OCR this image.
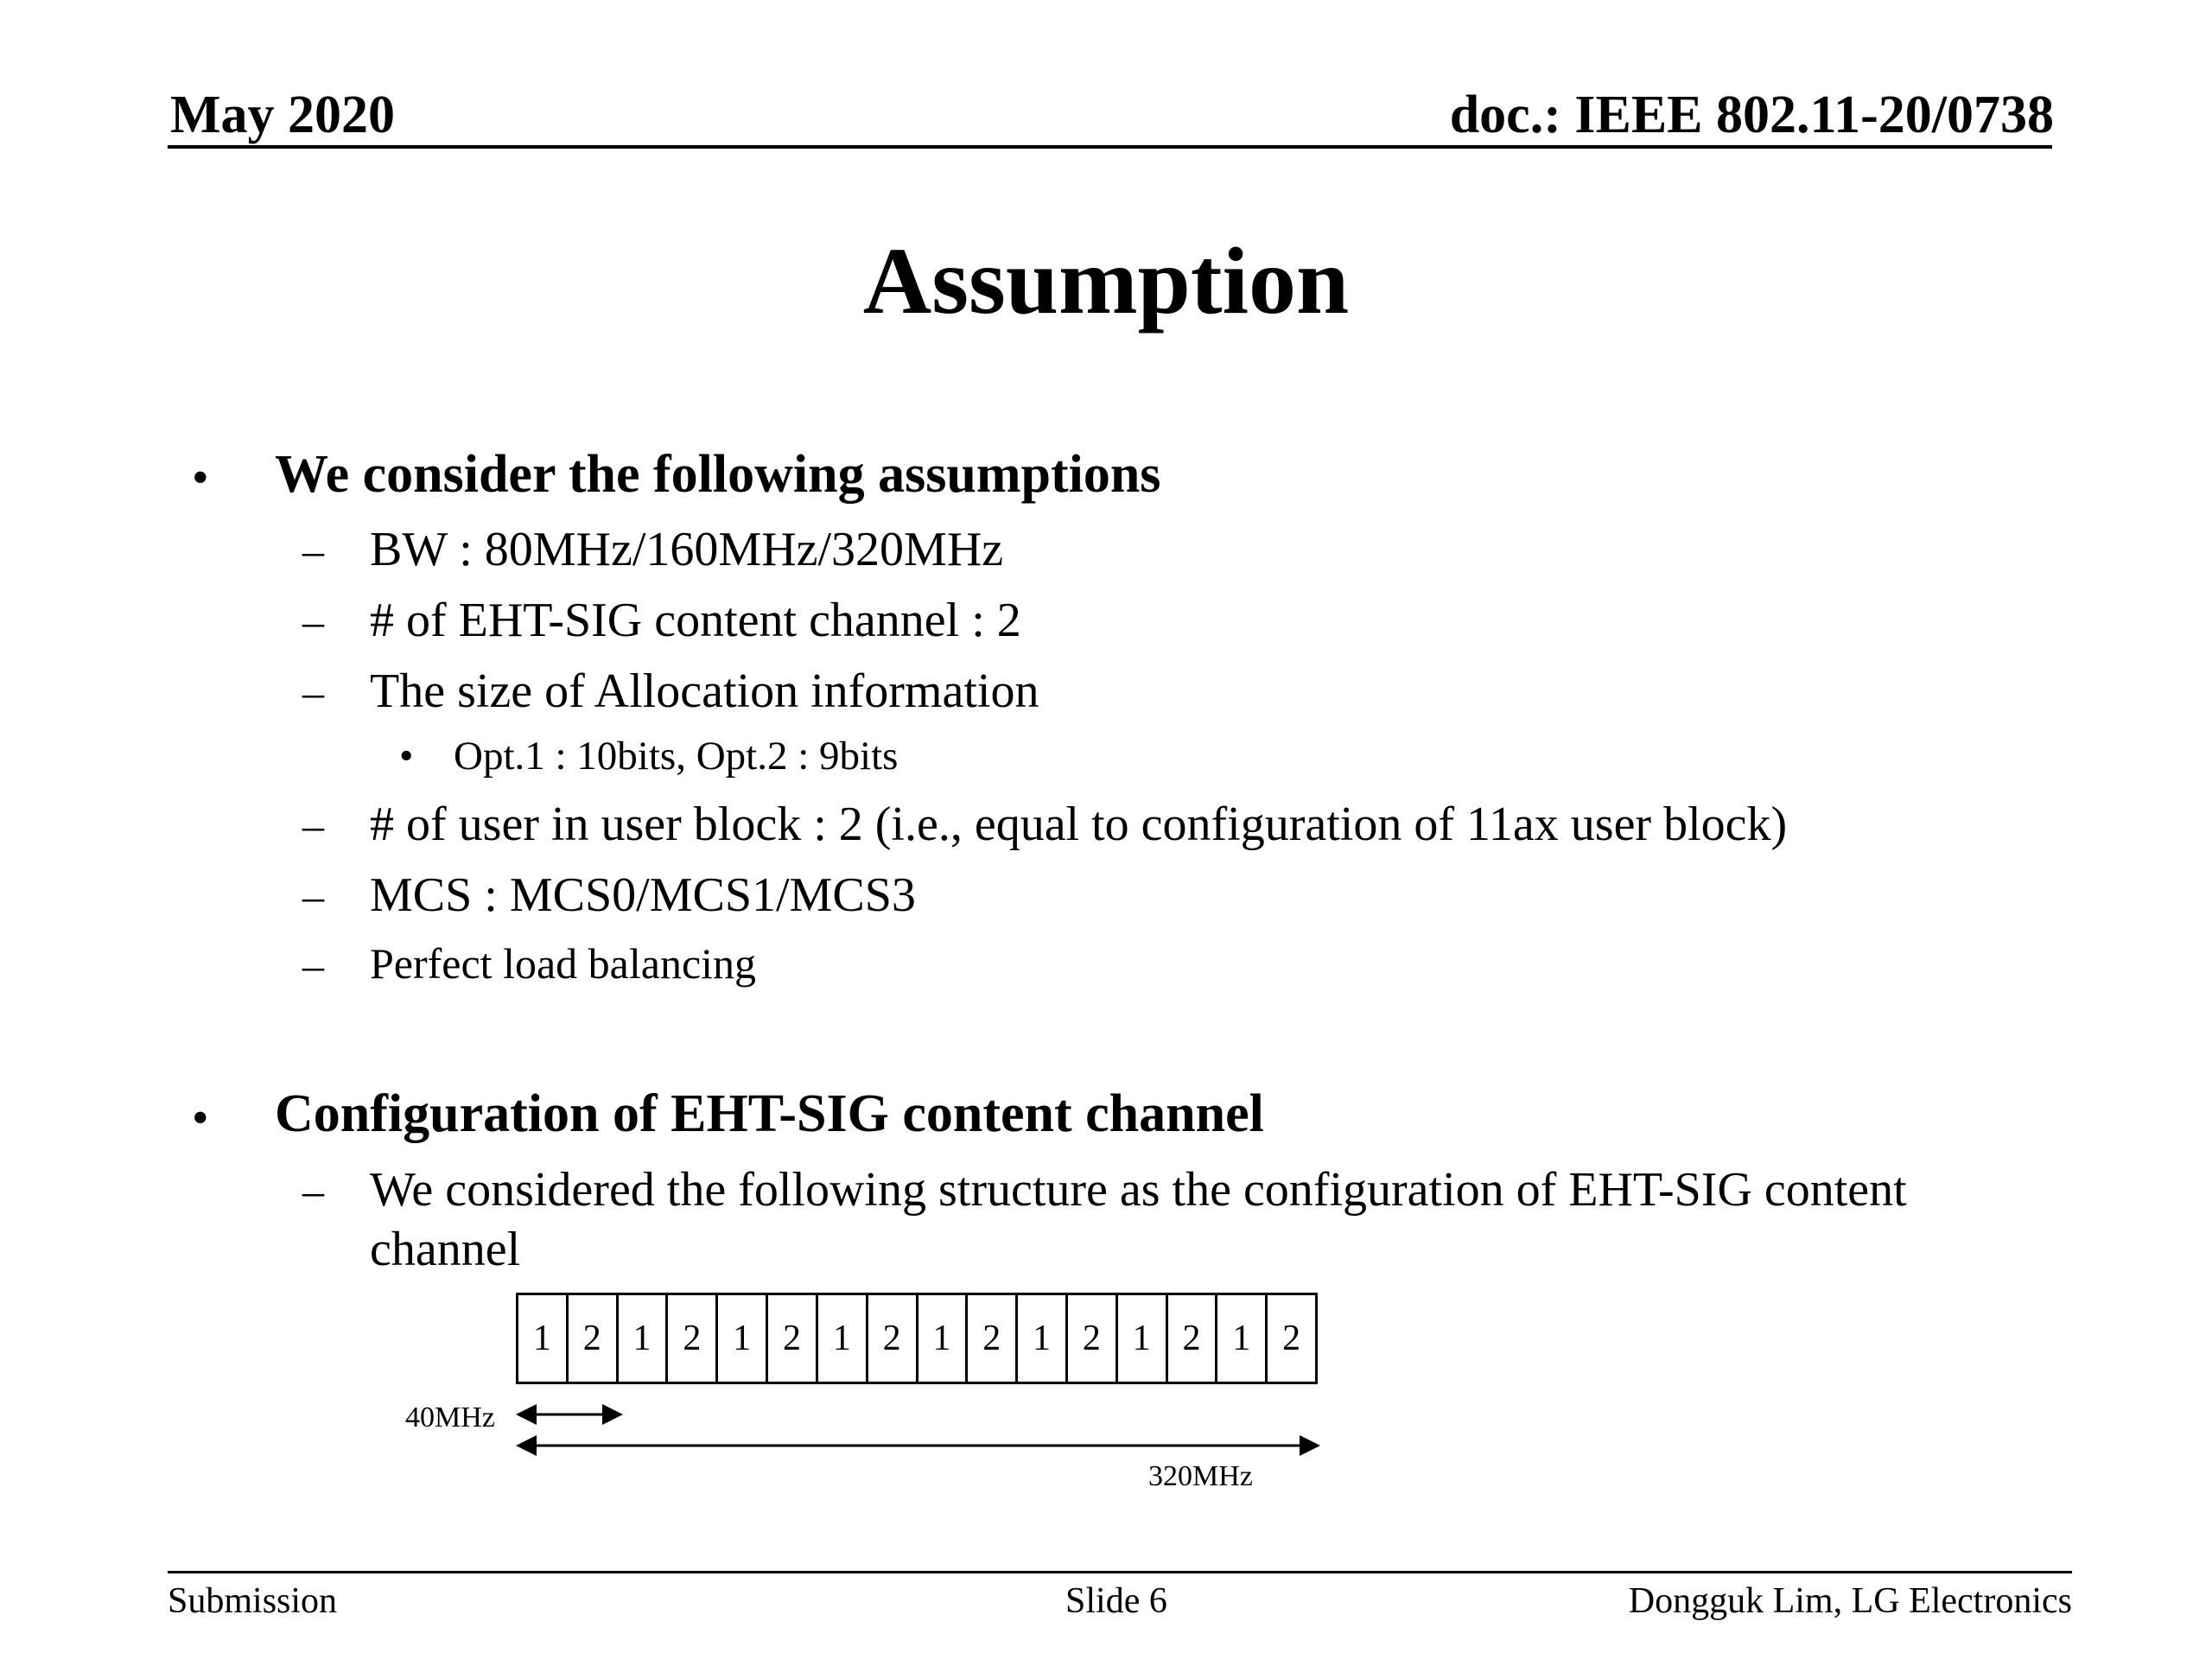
May 2020	doc.: IEEE 802.11-20/0738
Assumption
• We consider the following assumptions
– BW : 80MHz/160MHz/320MHz
– # of EHT-SIG content channel : 2
– The size of Allocation information
• Opt.1 : 10bits, Opt.2 : 9bits
– # of user in user block : 2 (i.e., equal to configuration of 11ax user block)
– MCS : MCS0/MCS1/MCS3
– Perfect load balancing
• Configuration of EHT-SIG content channel
– We considered the following structure as the configuration of EHT-SIG content
channel
1 2 1 2 1 2 1 2 1 2 1 2 1 2 1 2
40MHz
320MHz
Submission	Slide 6	Dongguk Lim, LG Electronics
